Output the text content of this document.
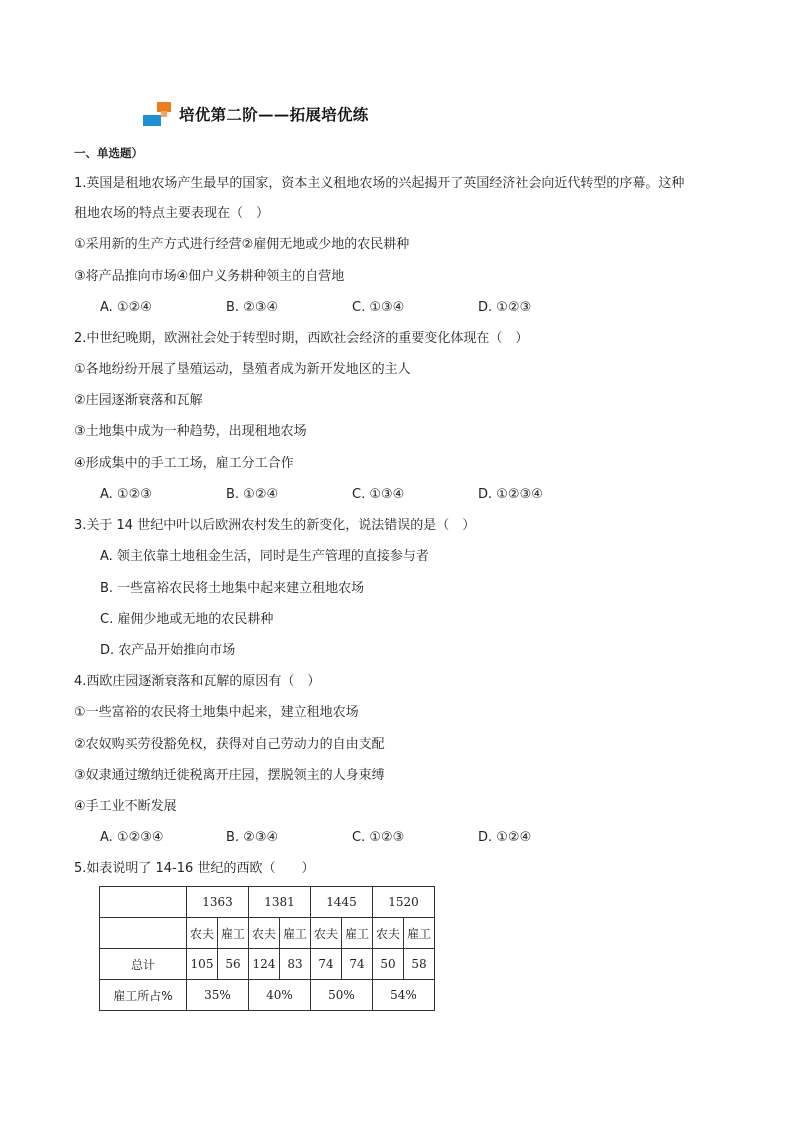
培优第二阶——拓展培优练
一、单选题）
1.英国是租地农场产生最早的国家，资本主义租地农场的兴起揭开了英国经济社会向近代转型的序幕。这种
租地农场的特点主要表现在（　）
①采用新的生产方式进行经营②雇佣无地或少地的农民耕种
③将产品推向市场④佃户义务耕种领主的自营地
A. ①②④	B. ②③④	C. ①③④	D. ①②③
2.中世纪晚期，欧洲社会处于转型时期，西欧社会经济的重要变化体现在（　）
①各地纷纷开展了垦殖运动，垦殖者成为新开发地区的主人
②庄园逐渐衰落和瓦解
③土地集中成为一种趋势，出现租地农场
④形成集中的手工工场，雇工分工合作
A. ①②③	B. ①②④	C. ①③④	D. ①②③④
3.关于 14 世纪中叶以后欧洲农村发生的新变化，说法错误的是（　）
A. 领主依靠土地租金生活，同时是生产管理的直接参与者
B. 一些富裕农民将土地集中起来建立租地农场
C. 雇佣少地或无地的农民耕种
D. 农产品开始推向市场
4.西欧庄园逐渐衰落和瓦解的原因有（　）
①一些富裕的农民将土地集中起来，建立租地农场
②农奴购买劳役豁免权，获得对自己劳动力的自由支配
③奴隶通过缴纳迁徙税离开庄园，摆脱领主的人身束缚
④手工业不断发展
A. ①②③④	B. ②③④	C. ①②③	D. ①②④
5.如表说明了 14-16 世纪的西欧（　　）
	1363		1381		1445		1520	
	农夫	雇工	农夫	雇工	农夫	雇工	农夫	雇工
总计	105	56	124	83	74	74	50	58
雇工所占%	35%		40%		50%		54%	
